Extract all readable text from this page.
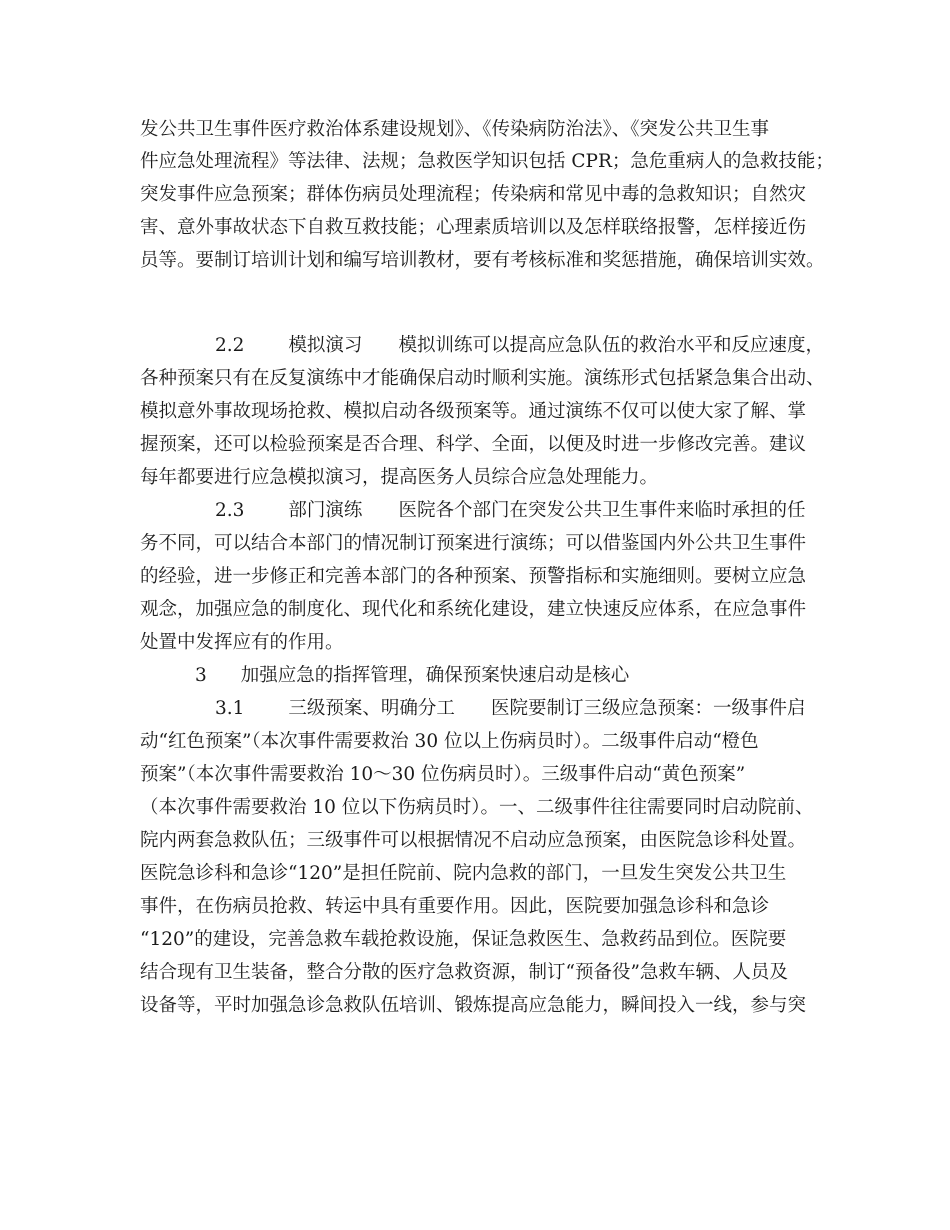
发公共卫生事件医疗救治体系建设规划》、《传染病防治法》、《突发公共卫生事
件应急处理流程》等法律、法规；急救医学知识包括 CPR；急危重病人的急救技能；
突发事件应急预案；群体伤病员处理流程；传染病和常见中毒的急救知识；自然灾
害、意外事故状态下自救互救技能；心理素质培训以及怎样联络报警，怎样接近伤
员等。要制订培训计划和编写培训教材，要有考核标准和奖惩措施，确保培训实效。
2.2 模拟演习 模拟训练可以提高应急队伍的救治水平和反应速度，
各种预案只有在反复演练中才能确保启动时顺利实施。演练形式包括紧急集合出动、
模拟意外事故现场抢救、模拟启动各级预案等。通过演练不仅可以使大家了解、掌
握预案，还可以检验预案是否合理、科学、全面，以便及时进一步修改完善。建议
每年都要进行应急模拟演习，提高医务人员综合应急处理能力。
2.3 部门演练 医院各个部门在突发公共卫生事件来临时承担的任
务不同，可以结合本部门的情况制订预案进行演练；可以借鉴国内外公共卫生事件
的经验，进一步修正和完善本部门的各种预案、预警指标和实施细则。要树立应急
观念，加强应急的制度化、现代化和系统化建设，建立快速反应体系，在应急事件
处置中发挥应有的作用。
3 加强应急的指挥管理，确保预案快速启动是核心
3.1 三级预案、明确分工 医院要制订三级应急预案：一级事件启
动“红色预案”（本次事件需要救治 30 位以上伤病员时）。二级事件启动“橙色
预案”（本次事件需要救治 10～30 位伤病员时）。三级事件启动“黄色预案”
（本次事件需要救治 10 位以下伤病员时）。一、二级事件往往需要同时启动院前、
院内两套急救队伍；三级事件可以根据情况不启动应急预案，由医院急诊科处置。
医院急诊科和急诊“120”是担任院前、院内急救的部门，一旦发生突发公共卫生
事件，在伤病员抢救、转运中具有重要作用。因此，医院要加强急诊科和急诊
“120”的建设，完善急救车载抢救设施，保证急救医生、急救药品到位。医院要
结合现有卫生装备，整合分散的医疗急救资源，制订“预备役”急救车辆、人员及
设备等，平时加强急诊急救队伍培训、锻炼提高应急能力，瞬间投入一线，参与突
